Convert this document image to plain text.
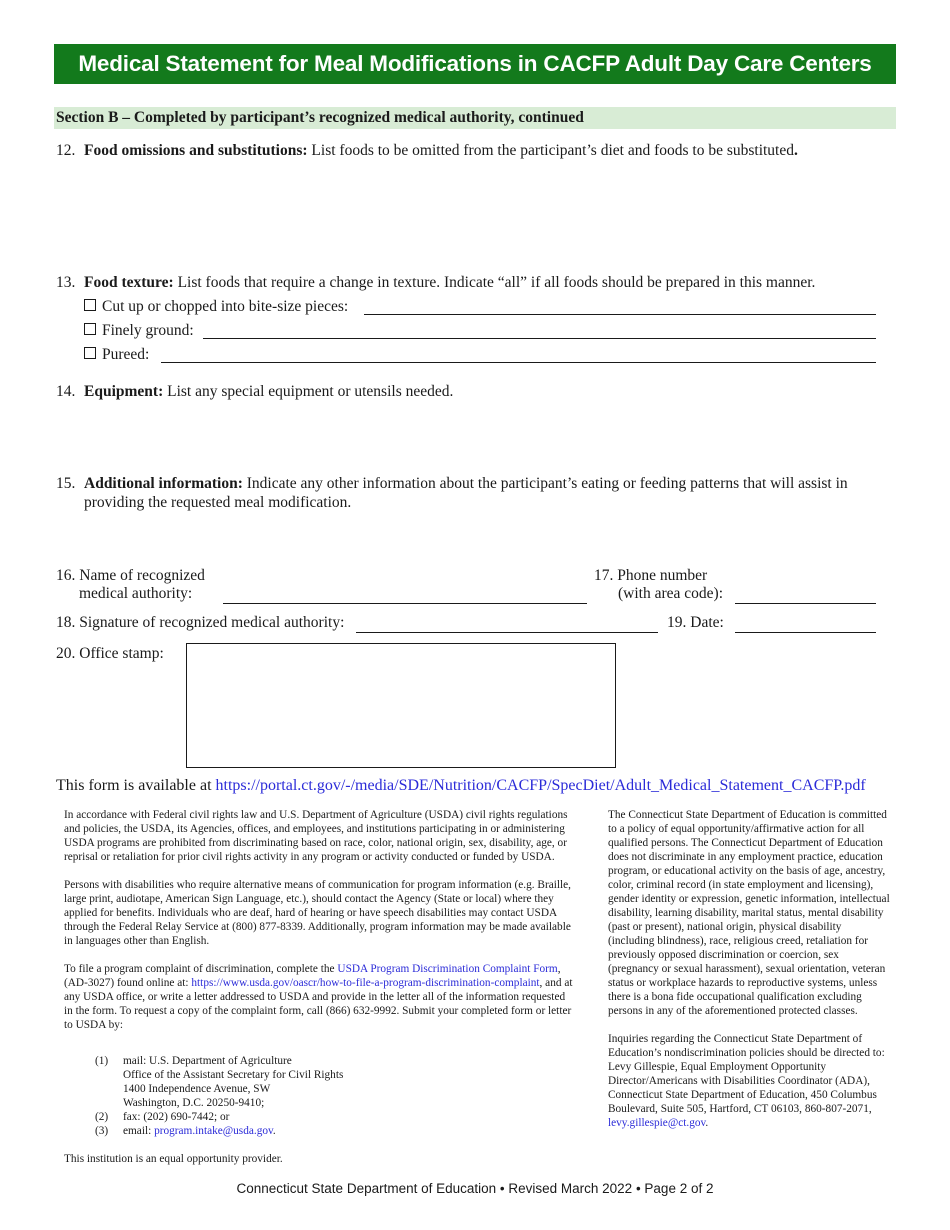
Medical Statement for Meal Modifications in CACFP Adult Day Care Centers
Section B – Completed by participant’s recognized medical authority, continued
12. Food omissions and substitutions: List foods to be omitted from the participant’s diet and foods to be substituted.
13. Food texture: List foods that require a change in texture. Indicate “all” if all foods should be prepared in this manner.
Cut up or chopped into bite-size pieces:
Finely ground:
Pureed:
14. Equipment: List any special equipment or utensils needed.
15. Additional information: Indicate any other information about the participant’s eating or feeding patterns that will assist in providing the requested meal modification.
16. Name of recognized
medical authority:
17. Phone number
(with area code):
18. Signature of recognized medical authority:	19. Date:
20. Office stamp:
This form is available at https://portal.ct.gov/-/media/SDE/Nutrition/CACFP/SpecDiet/Adult_Medical_Statement_CACFP.pdf

In accordance with Federal civil rights law and U.S. Department of Agriculture (USDA) civil rights regulations and policies, the USDA, its Agencies, offices, and employees, and institutions participating in or administering USDA programs are prohibited from discriminating based on race, color, national origin, sex, disability, age, or reprisal or retaliation for prior civil rights activity in any program or activity conducted or funded by USDA.

Persons with disabilities who require alternative means of communication for program information (e.g. Braille, large print, audiotape, American Sign Language, etc.), should contact the Agency (State or local) where they applied for benefits. Individuals who are deaf, hard of hearing or have speech disabilities may contact USDA through the Federal Relay Service at (800) 877-8339. Additionally, program information may be made available in languages other than English.

To file a program complaint of discrimination, complete the USDA Program Discrimination Complaint Form, (AD-3027) found online at: https://www.usda.gov/oascr/how-to-file-a-program-discrimination-complaint, and at any USDA office, or write a letter addressed to USDA and provide in the letter all of the information requested in the form. To request a copy of the complaint form, call (866) 632-9992. Submit your completed form or letter to USDA by:

(1) mail: U.S. Department of Agriculture
Office of the Assistant Secretary for Civil Rights
1400 Independence Avenue, SW
Washington, D.C. 20250-9410;
(2) fax: (202) 690-7442; or
(3) email: program.intake@usda.gov.
This institution is an equal opportunity provider.

The Connecticut State Department of Education is committed to a policy of equal opportunity/affirmative action for all qualified persons. The Connecticut Department of Education does not discriminate in any employment practice, education program, or educational activity on the basis of age, ancestry, color, criminal record (in state employment and licensing), gender identity or expression, genetic information, intellectual disability, learning disability, marital status, mental disability (past or present), national origin, physical disability (including blindness), race, religious creed, retaliation for previously opposed discrimination or coercion, sex (pregnancy or sexual harassment), sexual orientation, veteran status or workplace hazards to reproductive systems, unless there is a bona fide occupational qualification excluding persons in any of the aforementioned protected classes.

Inquiries regarding the Connecticut State Department of Education’s nondiscrimination policies should be directed to: Levy Gillespie, Equal Employment Opportunity Director/Americans with Disabilities Coordinator (ADA), Connecticut State Department of Education, 450 Columbus Boulevard, Suite 505, Hartford, CT 06103, 860-807-2071, levy.gillespie@ct.gov.

Connecticut State Department of Education • Revised March 2022 • Page 2 of 2
